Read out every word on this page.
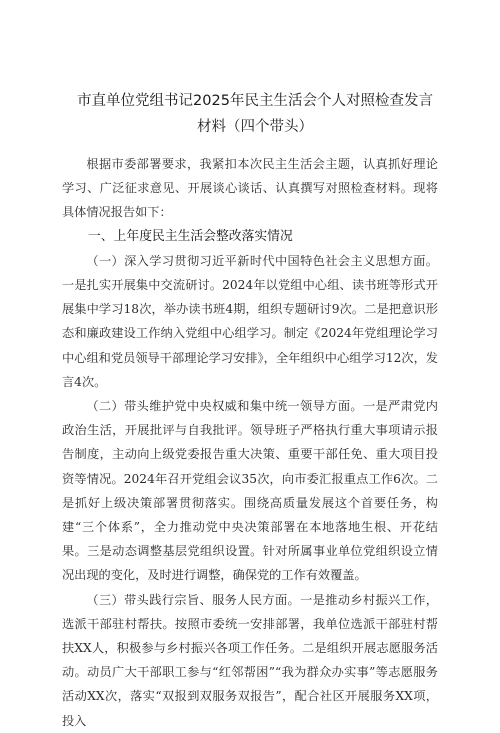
市直单位党组书记2025年民主生活会个人对照检查发言材料（四个带头）

根据市委部署要求，我紧扣本次民主生活会主题，认真抓好理论学习、广泛征求意见、开展谈心谈话、认真撰写对照检查材料。现将具体情况报告如下：

一、上年度民主生活会整改落实情况

（一）深入学习贯彻习近平新时代中国特色社会主义思想方面。一是扎实开展集中交流研讨。2024年以党组中心组、读书班等形式开展集中学习18次，举办读书班4期，组织专题研讨9次。二是把意识形态和廉政建设工作纳入党组中心组学习。制定《2024年党组理论学习中心组和党员领导干部理论学习安排》，全年组织中心组学习12次，发言4次。

（二）带头维护党中央权威和集中统一领导方面。一是严肃党内政治生活，开展批评与自我批评。领导班子严格执行重大事项请示报告制度，主动向上级党委报告重大决策、重要干部任免、重大项目投资等情况。2024年召开党组会议35次，向市委汇报重点工作6次。二是抓好上级决策部署贯彻落实。围绕高质量发展这个首要任务，构建“三个体系”，全力推动党中央决策部署在本地落地生根、开花结果。三是动态调整基层党组织设置。针对所属事业单位党组织设立情况出现的变化，及时进行调整，确保党的工作有效覆盖。

（三）带头践行宗旨、服务人民方面。一是推动乡村振兴工作，选派干部驻村帮扶。按照市委统一安排部署，我单位选派干部驻村帮扶XX人，积极参与乡村振兴各项工作任务。二是组织开展志愿服务活动。动员广大干部职工参与“红邻帮困”“我为群众办实事”等志愿服务活动XX次，落实“双报到双服务双报告”，配合社区开展服务XX项，投入
